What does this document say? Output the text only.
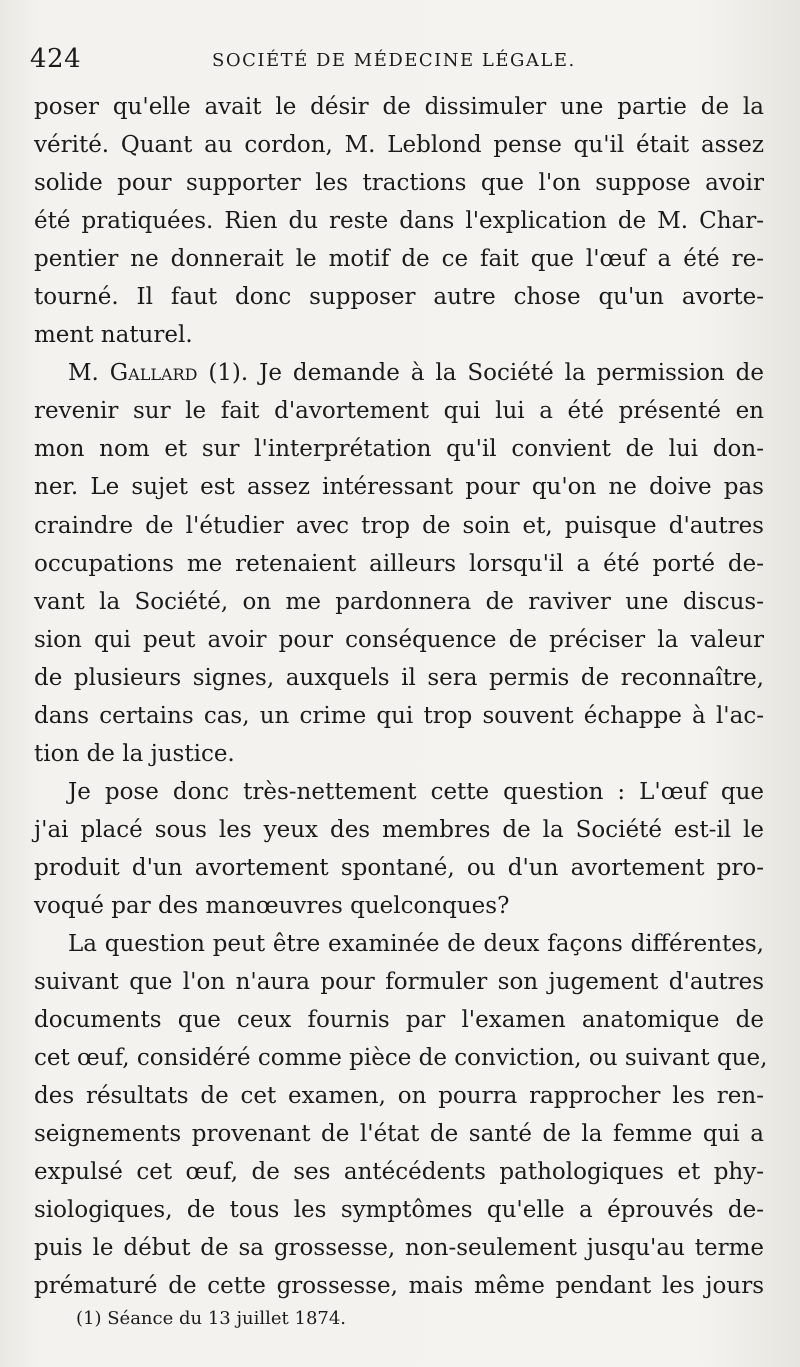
424	SOCIÉTÉ DE MÉDECINE LÉGALE.
poser qu'elle avait le désir de dissimuler une partie de la
vérité. Quant au cordon, M. Leblond pense qu'il était assez
solide pour supporter les tractions que l'on suppose avoir
été pratiquées. Rien du reste dans l'explication de M. Char-
pentier ne donnerait le motif de ce fait que l'œuf a été re-
tourné. Il faut donc supposer autre chose qu'un avorte-
ment naturel.
M. Gallard (1). Je demande à la Société la permission de
revenir sur le fait d'avortement qui lui a été présenté en
mon nom et sur l'interprétation qu'il convient de lui don-
ner. Le sujet est assez intéressant pour qu'on ne doive pas
craindre de l'étudier avec trop de soin et, puisque d'autres
occupations me retenaient ailleurs lorsqu'il a été porté de-
vant la Société, on me pardonnera de raviver une discus-
sion qui peut avoir pour conséquence de préciser la valeur
de plusieurs signes, auxquels il sera permis de reconnaître,
dans certains cas, un crime qui trop souvent échappe à l'ac-
tion de la justice.
Je pose donc très-nettement cette question : L'œuf que
j'ai placé sous les yeux des membres de la Société est-il le
produit d'un avortement spontané, ou d'un avortement pro-
voqué par des manœuvres quelconques?
La question peut être examinée de deux façons différentes,
suivant que l'on n'aura pour formuler son jugement d'autres
documents que ceux fournis par l'examen anatomique de
cet œuf, considéré comme pièce de conviction, ou suivant que,
des résultats de cet examen, on pourra rapprocher les ren-
seignements provenant de l'état de santé de la femme qui a
expulsé cet œuf, de ses antécédents pathologiques et phy-
siologiques, de tous les symptômes qu'elle a éprouvés de-
puis le début de sa grossesse, non-seulement jusqu'au terme
prématuré de cette grossesse, mais même pendant les jours
(1) Séance du 13 juillet 1874.
